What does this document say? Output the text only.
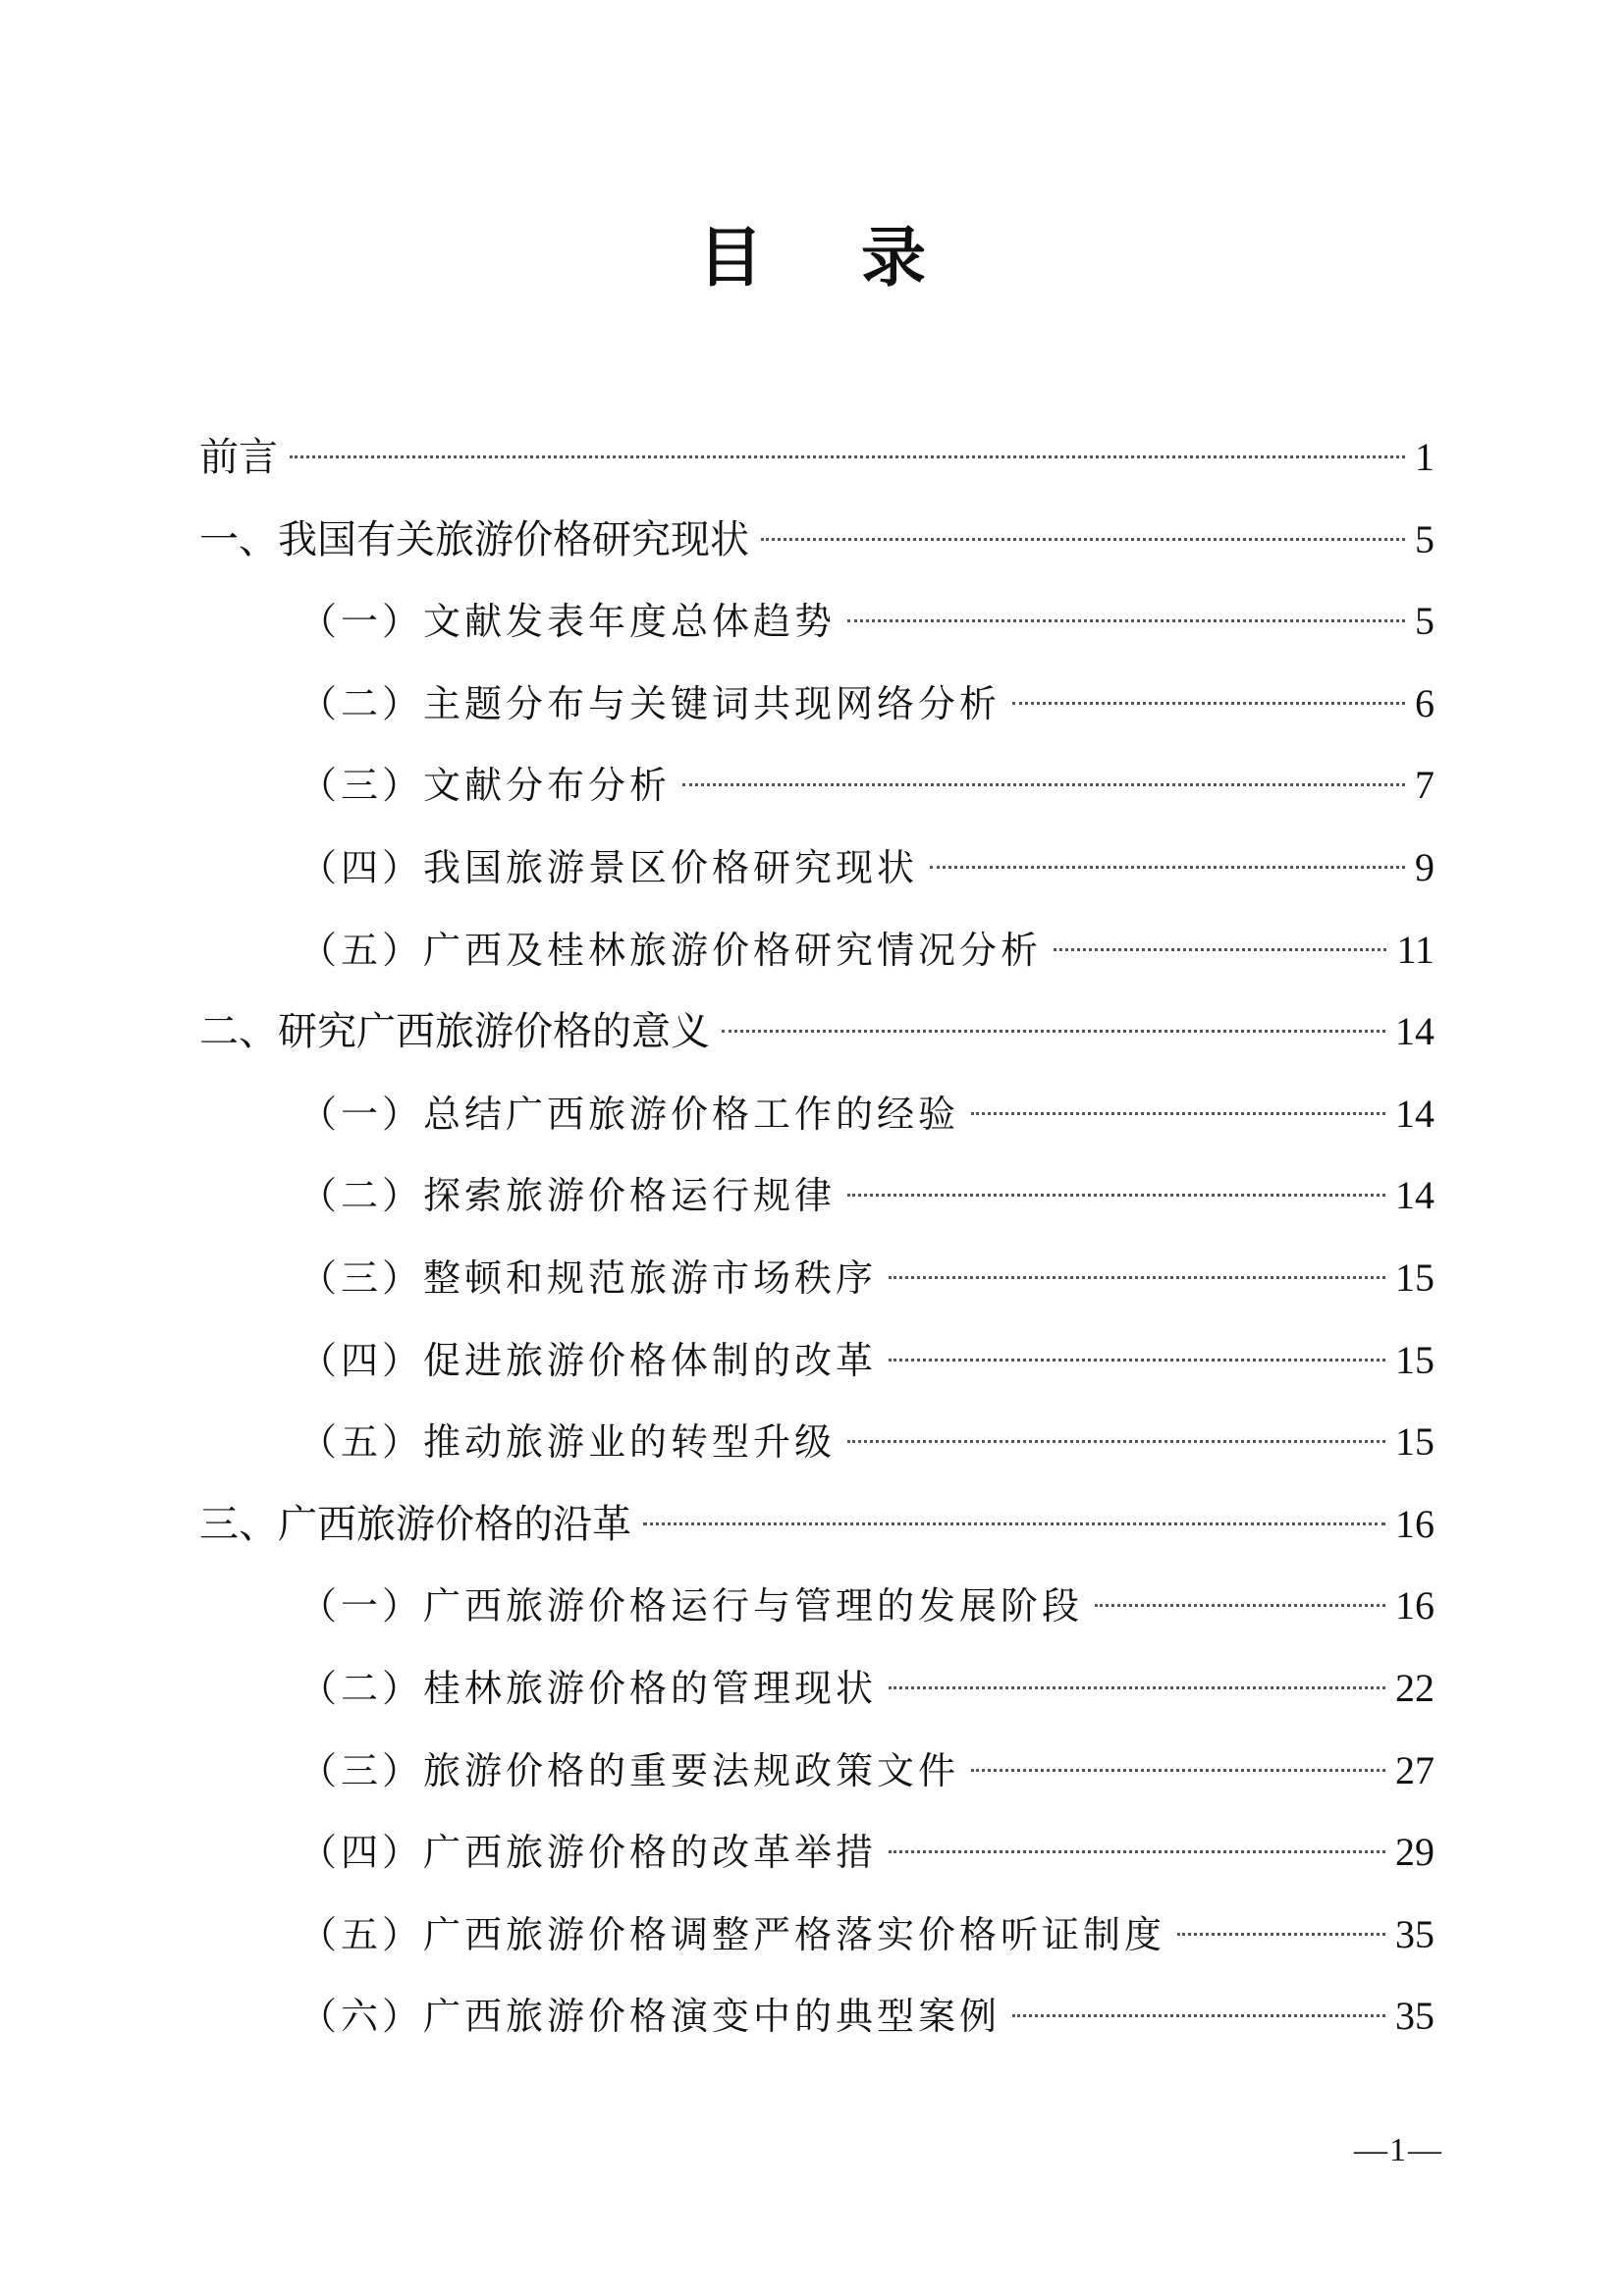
目 录
前言	1
一、我国有关旅游价格研究现状	5
（一）文献发表年度总体趋势	5
（二）主题分布与关键词共现网络分析	6
（三）文献分布分析	7
（四）我国旅游景区价格研究现状	9
（五）广西及桂林旅游价格研究情况分析	11
二、研究广西旅游价格的意义	14
（一）总结广西旅游价格工作的经验	14
（二）探索旅游价格运行规律	14
（三）整顿和规范旅游市场秩序	15
（四）促进旅游价格体制的改革	15
（五）推动旅游业的转型升级	15
三、广西旅游价格的沿革	16
（一）广西旅游价格运行与管理的发展阶段	16
（二）桂林旅游价格的管理现状	22
（三）旅游价格的重要法规政策文件	27
（四）广西旅游价格的改革举措	29
（五）广西旅游价格调整严格落实价格听证制度	35
（六）广西旅游价格演变中的典型案例	35
—1—
